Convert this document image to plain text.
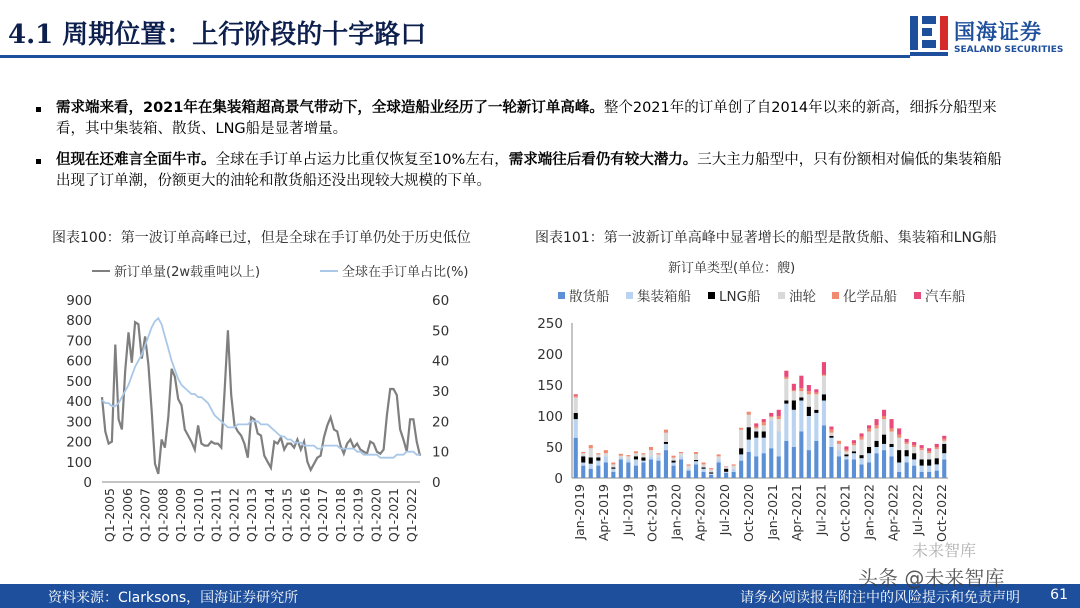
4.1 周期位置：上行阶段的十字路口	国海证券
SEALAND SECURITIES
需求端来看，2021年在集装箱超高景气带动下，全球造船业经历了一轮新订单高峰。整个2021年的订单创了自2014年以来的新高，细拆分船型来看，其中集装箱、散货、LNG船是显著增量。
但现在还难言全面牛市。全球在手订单占运力比重仅恢复至10%左右，需求端往后看仍有较大潜力。三大主力船型中，只有份额相对偏低的集装箱船出现了订单潮，份额更大的油轮和散货船还没出现较大规模的下单。
图表100：第一波订单高峰已过，但是全球在手订单仍处于历史低位	图表101：第一波新订单高峰中显著增长的船型是散货船、集装箱和LNG船
新订单类型(单位：艘)
新订单量(2w载重吨以上)	全球在手订单占比(%)
0
100
200
300
400
500
600
700
800
900
0
10
20
30
40
50
60
Q1-2005 Q1-2006 Q1-2007 Q1-2008 Q1-2009 Q1-2010 Q1-2011 Q1-2012 Q1-2013 Q1-2014 Q1-2015 Q1-2016 Q1-2017 Q1-2018 Q1-2019 Q1-2020 Q1-2021 Q1-2022
散货船 集装箱船 LNG船 油轮 化学品船 汽车船
0
50
100
150
200
250
Jan-2019 Apr-2019 Jul-2019 Oct-2019 Jan-2020 Apr-2020 Jul-2020 Oct-2020 Jan-2021 Apr-2021 Jul-2021 Oct-2021 Jan-2022 Apr-2022 Jul-2022 Oct-2022
未来智库
资料来源：Clarksons，国海证券研究所	请务必阅读报告附注中的风险提示和免责声明 61
头条 @未来智库
